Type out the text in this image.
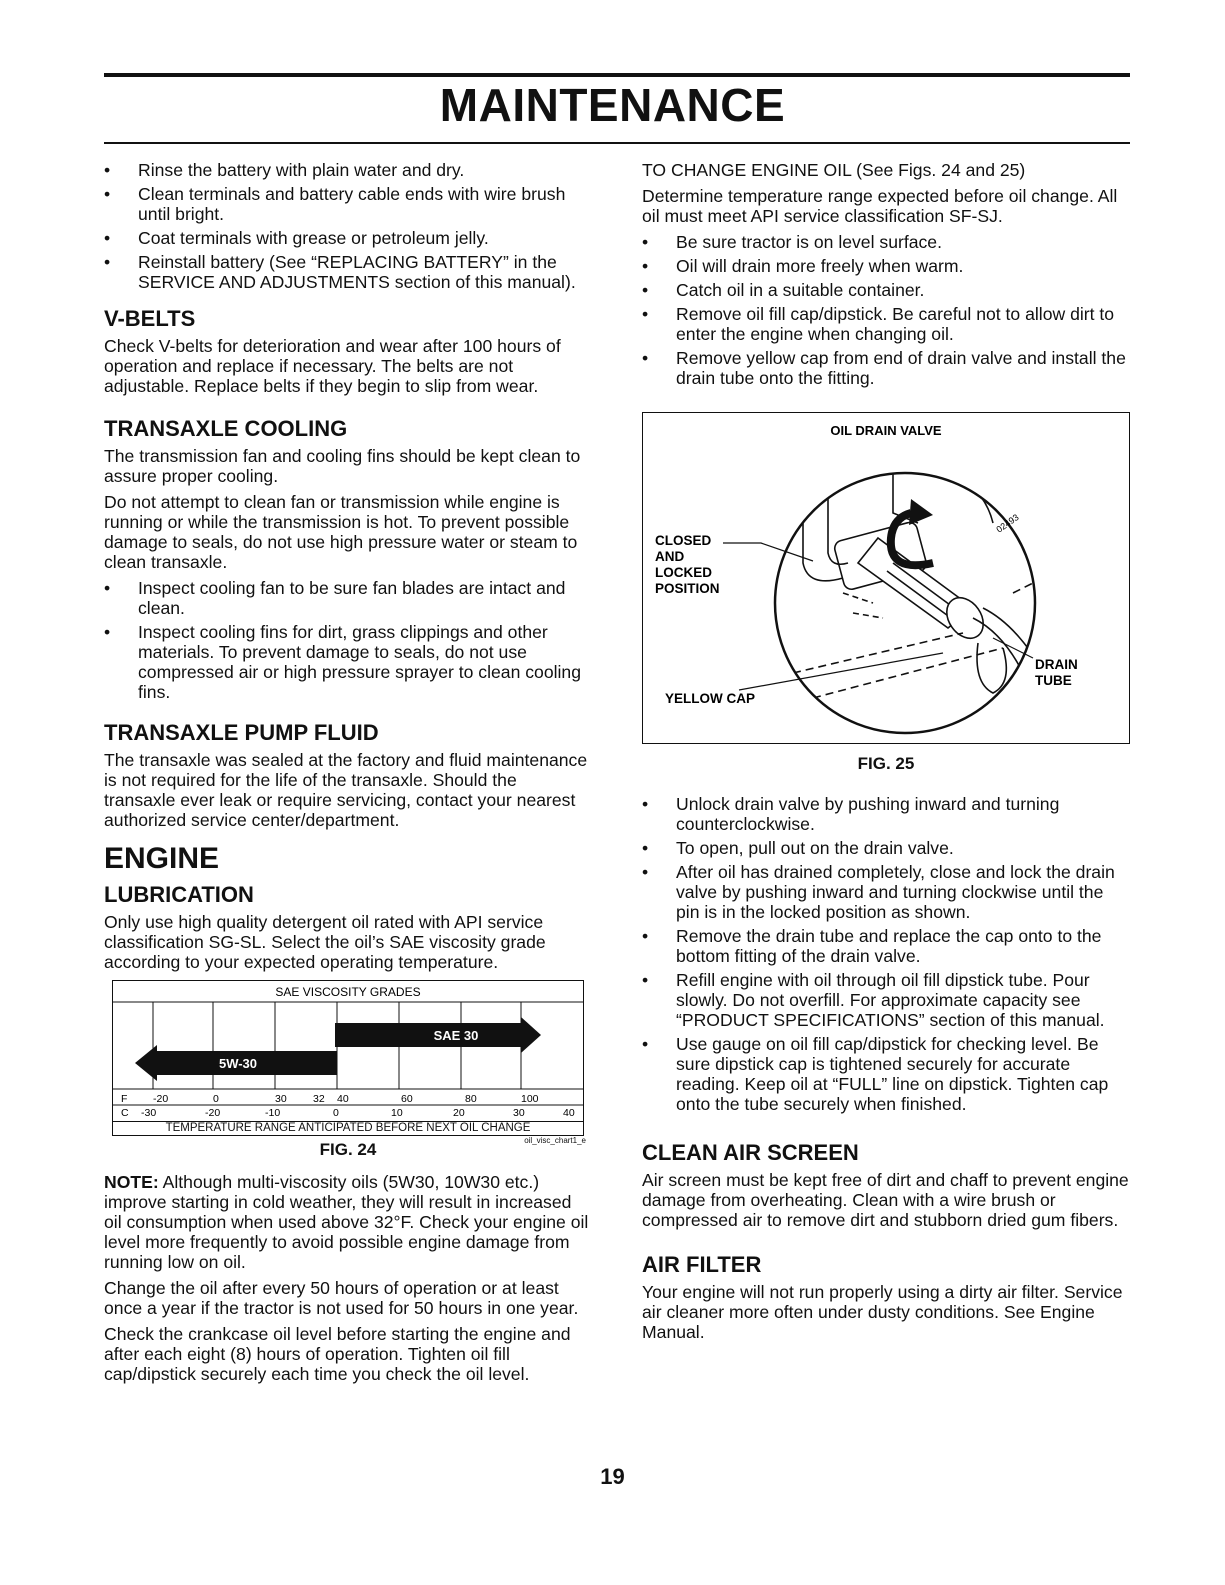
MAINTENANCE
• Rinse the battery with plain water and dry.
• Clean terminals and battery cable ends with wire brush until bright.
• Coat terminals with grease or petroleum jelly.
• Reinstall battery (See “REPLACING BATTERY” in the SERVICE AND ADJUSTMENTS section of this manual).
V-BELTS

Check V-belts for deterioration and wear after 100 hours of operation and replace if necessary. The belts are not adjustable. Replace belts if they begin to slip from wear.

TRANSAXLE COOLING

The transmission fan and cooling fins should be kept clean to assure proper cooling.

Do not attempt to clean fan or transmission while engine is running or while the transmission is hot. To prevent possible damage to seals, do not use high pressure water or steam to clean transaxle.

• Inspect cooling fan to be sure fan blades are intact and clean.
• Inspect cooling fins for dirt, grass clippings and other materials. To prevent damage to seals, do not use compressed air or high pressure sprayer to clean cooling fins.
TRANSAXLE PUMP FLUID

The transaxle was sealed at the factory and fluid maintenance is not required for the life of the transaxle. Should the transaxle ever leak or require servicing, contact your nearest authorized service center/department.

ENGINE
LUBRICATION

Only use high quality detergent oil rated with API service classification SG-SL. Select the oil’s SAE viscosity grade according to your expected operating temperature.

SAE VISCOSITY GRADES
SAE 30
5W-30
F -20	0	30	32 40	60	80	100
C -30	-20	-10	0	10	20	30	40
TEMPERATURE RANGE ANTICIPATED BEFORE NEXT OIL CHANGE
oil_visc_chart1_e
FIG. 24

NOTE: Although multi-viscosity oils (5W30, 10W30 etc.) improve starting in cold weather, they will result in increased oil consumption when used above 32°F. Check your engine oil level more frequently to avoid possible engine damage from running low on oil.

Change the oil after every 50 hours of operation or at least once a year if the tractor is not used for 50 hours in one year.

Check the crankcase oil level before starting the engine and after each eight (8) hours of operation. Tighten oil fill cap/dipstick securely each time you check the oil level.

TO CHANGE ENGINE OIL (See Figs. 24 and 25)

Determine temperature range expected before oil change. All oil must meet API service classification SF-SJ.

• Be sure tractor is on level surface.
• Oil will drain more freely when warm.
• Catch oil in a suitable container.
• Remove oil fill cap/dipstick. Be careful not to allow dirt to enter the engine when changing oil.
• Remove yellow cap from end of drain valve and install the drain tube onto the fitting.
OIL DRAIN VALVE
02493
CLOSED
AND
LOCKED
POSITION
YELLOW CAP
DRAIN
TUBE
FIG. 25
• Unlock drain valve by pushing inward and turning counterclockwise.
• To open, pull out on the drain valve.
• After oil has drained completely, close and lock the drain valve by pushing inward and turning clockwise until the pin is in the locked position as shown.
• Remove the drain tube and replace the cap onto to the bottom fitting of the drain valve.
• Refill engine with oil through oil fill dipstick tube. Pour slowly. Do not overfill. For approximate capacity see “PRODUCT SPECIFICATIONS” section of this manual.
• Use gauge on oil fill cap/dipstick for checking level. Be sure dipstick cap is tightened securely for accurate reading. Keep oil at “FULL” line on dipstick. Tighten cap onto the tube securely when finished.
CLEAN AIR SCREEN

Air screen must be kept free of dirt and chaff to prevent engine damage from overheating. Clean with a wire brush or compressed air to remove dirt and stubborn dried gum fibers.

AIR FILTER

Your engine will not run properly using a dirty air filter. Service air cleaner more often under dusty conditions. See Engine Manual.

19
